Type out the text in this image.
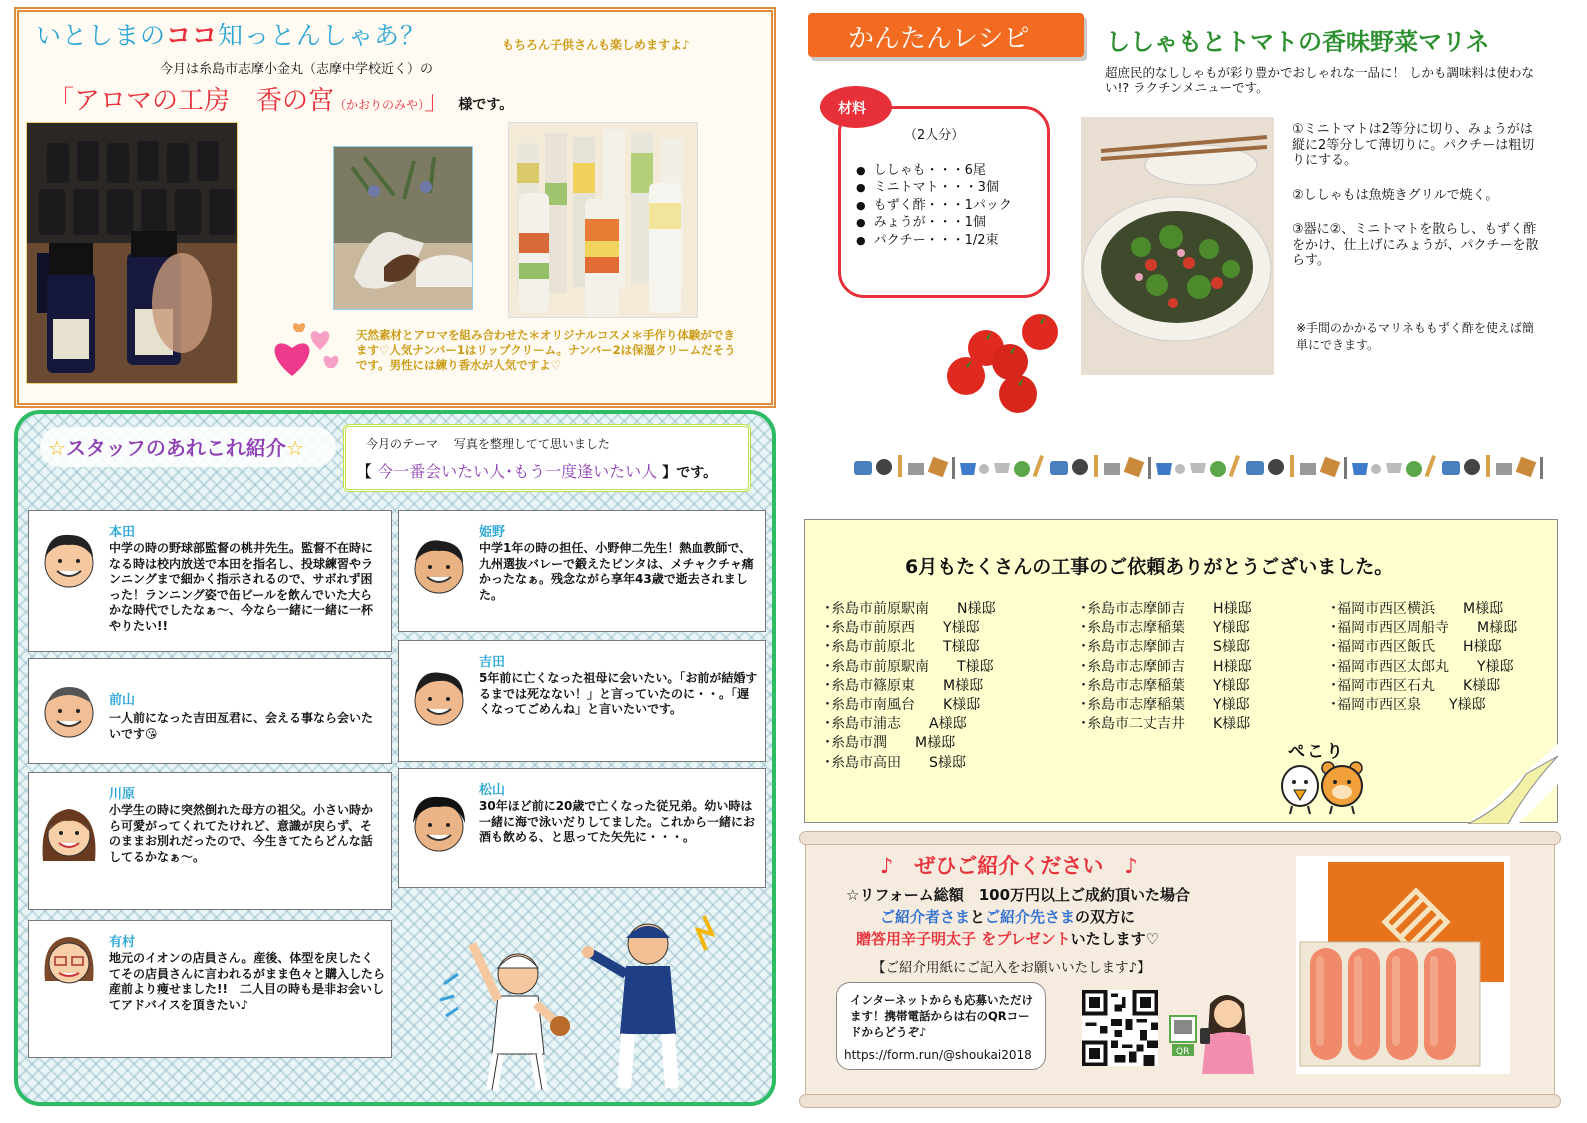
いとしまのココ知っとんしゃあ？	もちろん子供さんも楽しめますよ♪
今月は糸島市志摩小金丸（志摩中学校近く）の
「アロマの工房　香の宮（かおりのみや）」 様です。
天然素材とアロマを組み合わせた＊オリジナルコスメ＊手作り体験ができます♡人気ナンバー1はリップクリーム。ナンバー2は保湿クリームだそうです。男性には練り香水が人気ですよ♡
☆スタッフのあれこれ紹介☆	今月のテーマ　 写真を整理してて思いました
【 今一番会いたい人･もう一度逢いたい人 】です。
本田
中学の時の野球部監督の桃井先生。監督不在時になる時は校内放送で本田を指名し、投球練習やランニングまで細かく指示されるので、サボれず困った！ランニング姿で缶ビールを飲んでいた大らかな時代でしたなぁ～、今なら一緒に一緒に一杯やりたい!!
姫野
中学1年の時の担任、小野伸二先生！熱血教師で、九州選抜バレーで鍛えたビンタは、メチャクチャ痛かったなぁ。残念ながら享年43歳で逝去されました。
前山
一人前になった吉田亙君に、会える事なら会いたいです😘
吉田
5年前に亡くなった祖母に会いたい。「お前が結婚するまでは死なない！」と言っていたのに・・。「遅くなってごめんね」と言いたいです。
川原
小学生の時に突然倒れた母方の祖父。小さい時から可愛がってくれてたけれど、意識が戻らず、そのままお別れだったので、今生きてたらどんな話してるかなぁ～。
松山
30年ほど前に20歳で亡くなった従兄弟。幼い時は一緒に海で泳いだりしてました。これから一緒にお酒も飲める、と思ってた矢先に・・・。
有村
地元のイオンの店員さん。産後、体型を戻したくてその店員さんに言われるがまま色々と購入したら産前より痩せました!!　二人目の時も是非お会いしてアドバイスを頂きたい♪
かんたんレシピ	ししゃもとトマトの香味野菜マリネ
超庶民的なししゃもが彩り豊かでおしゃれな一品に！ しかも調味料は使わない!? ラクチンメニューです。
材料
（2人分）
● ししゃも・・・6尾
● ミニトマト・・・3個
● もずく酢・・・1パック
● みょうが・・・1個
● パクチー・・・1/2束

①ミニトマトは2等分に切り、みょうがは縦に2等分して薄切りに。パクチーは粗切りにする。

②ししゃもは魚焼きグリルで焼く。

③器に②、ミニトマトを散らし、もずく酢をかけ、仕上げにみょうが、パクチーを散らす。

※手間のかかるマリネももずく酢を使えば簡単にできます。
6月もたくさんの工事のご依頼ありがとうございました。
･糸島市前原駅南　　N様邸
･糸島市前原西　　Y様邸
･糸島市前原北　　T様邸
･糸島市前原駅南　　T様邸
･糸島市篠原東　　M様邸
･糸島市南風台　　K様邸
･糸島市浦志　　A様邸
･糸島市潤　　M様邸
･糸島市高田　　S様邸
･糸島市志摩師吉　　H様邸
･糸島市志摩稲葉　　Y様邸
･糸島市志摩師吉　　S様邸
･糸島市志摩師吉　　H様邸
･糸島市志摩稲葉　　Y様邸
･糸島市志摩稲葉　　Y様邸
･糸島市二丈吉井　　K様邸
･福岡市西区横浜　　M様邸
･福岡市西区周船寺　　M様邸
･福岡市西区飯氏　　H様邸
･福岡市西区太郎丸　　Y様邸
･福岡市西区石丸　　K様邸
･福岡市西区泉　　Y様邸
ぺこり
♪　ぜひご紹介ください　♪
☆リフォーム総額　100万円以上ご成約頂いた場合
ご紹介者さまとご紹介先さまの双方に
贈答用辛子明太子 をプレゼントいたします♡
【ご紹介用紙にご記入をお願いいたします♪】
インターネットからも応募いただけます！携帯電話からは右のQRコードからどうぞ♪
https://form.run/@shoukai2018	QR
